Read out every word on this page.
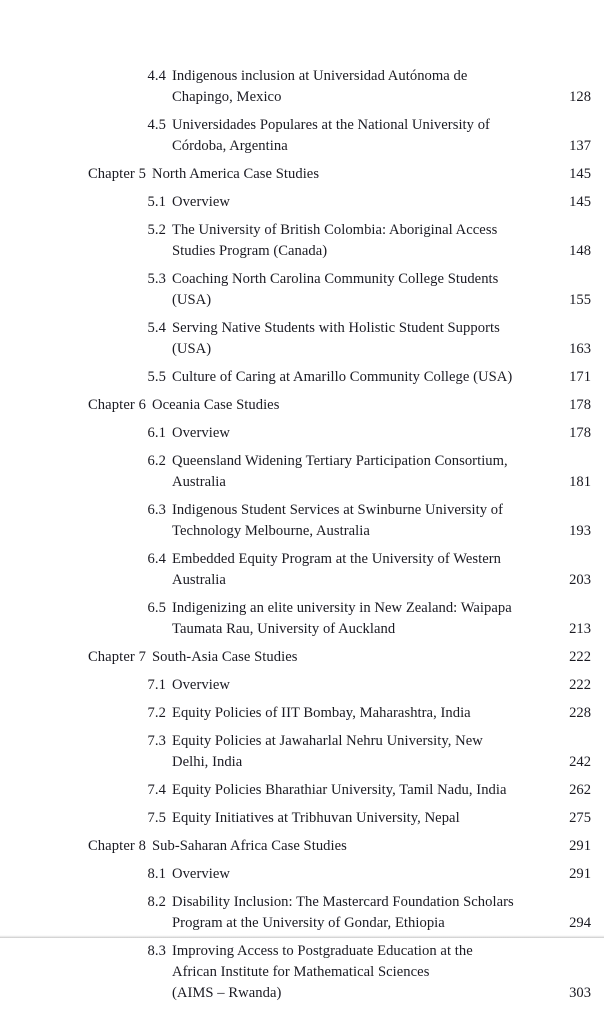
4.4 Indigenous inclusion at Universidad Autónoma de
Chapingo, Mexico	128
4.5 Universidades Populares at the National University of
Córdoba, Argentina	137
Chapter 5 North America Case Studies	145
5.1 Overview	145
5.2 The University of British Colombia: Aboriginal Access
Studies Program (Canada)	148
5.3 Coaching North Carolina Community College Students
(USA)	155
5.4 Serving Native Students with Holistic Student Supports
(USA)	163
5.5 Culture of Caring at Amarillo Community College (USA)	171
Chapter 6 Oceania Case Studies	178
6.1 Overview	178
6.2 Queensland Widening Tertiary Participation Consortium,
Australia	181
6.3 Indigenous Student Services at Swinburne University of
Technology Melbourne, Australia	193
6.4 Embedded Equity Program at the University of Western
Australia	203
6.5 Indigenizing an elite university in New Zealand: Waipapa
Taumata Rau, University of Auckland	213
Chapter 7 South-Asia Case Studies	222
7.1 Overview	222
7.2 Equity Policies of IIT Bombay, Maharashtra, India	228
7.3 Equity Policies at Jawaharlal Nehru University, New
Delhi, India	242
7.4 Equity Policies Bharathiar University, Tamil Nadu, India	262
7.5 Equity Initiatives at Tribhuvan University, Nepal	275
Chapter 8 Sub-Saharan Africa Case Studies	291
8.1 Overview	291
8.2 Disability Inclusion: The Mastercard Foundation Scholars
Program at the University of Gondar, Ethiopia	294
8.3 Improving Access to Postgraduate Education at the
African Institute for Mathematical Sciences
(AIMS – Rwanda)	303
